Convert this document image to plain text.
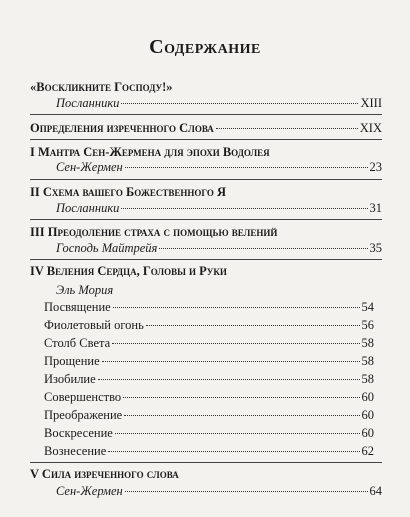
Содержание
«Воскликните Господу!»
Посланники	XIII
Определения изреченного Слова	XIX
I Мантра Сен-Жермена для эпохи Водолея
Сен-Жермен	23
II Схема вашего Божественного Я
Посланники	31
III Преодоление страха с помощью велений
Господь Майтрейя	35
IV Веления Сердца, Головы и Руки
Эль Мория
Посвящение	54
Фиолетовый огонь	56
Столб Света	58
Прощение	58
Изобилие	58
Совершенство	60
Преображение	60
Воскресение	60
Вознесение	62
V Сила изреченного слова
Сен-Жермен	64
